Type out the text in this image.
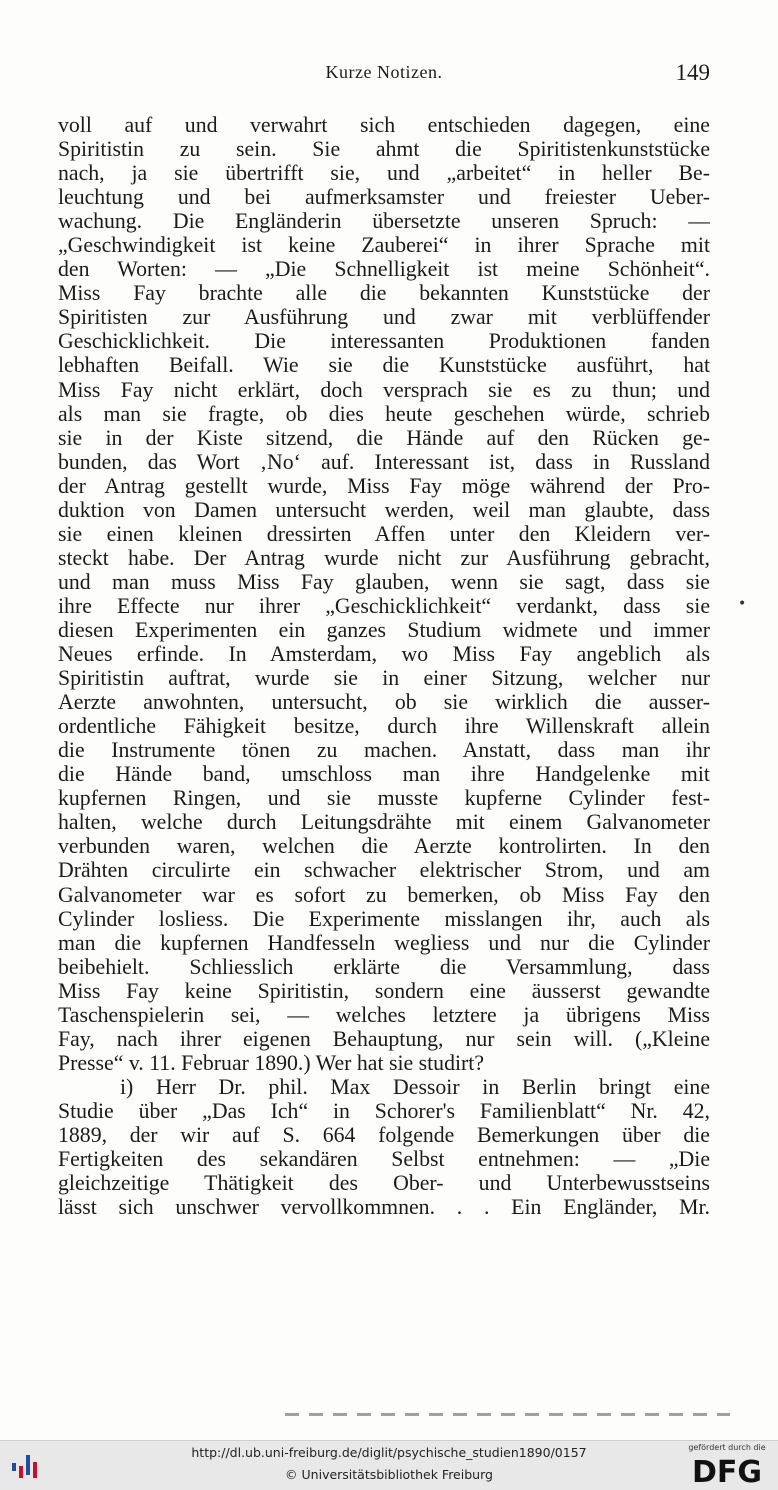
Kurze Notizen.	149
voll auf und verwahrt sich entschieden dagegen, eine
Spiritistin zu sein. Sie ahmt die Spiritistenkunststücke
nach, ja sie übertrifft sie, und „arbeitet“ in heller Be-
leuchtung und bei aufmerksamster und freiester Ueber-
wachung. Die Engländerin übersetzte unseren Spruch: —
„Geschwindigkeit ist keine Zauberei“ in ihrer Sprache mit
den Worten: — „Die Schnelligkeit ist meine Schönheit“.
Miss Fay brachte alle die bekannten Kunststücke der
Spiritisten zur Ausführung und zwar mit verblüffender
Geschicklichkeit. Die interessanten Produktionen fanden
lebhaften Beifall. Wie sie die Kunststücke ausführt, hat
Miss Fay nicht erklärt, doch versprach sie es zu thun; und
als man sie fragte, ob dies heute geschehen würde, schrieb
sie in der Kiste sitzend, die Hände auf den Rücken ge-
bunden, das Wort ‚No‘ auf. Interessant ist, dass in Russland
der Antrag gestellt wurde, Miss Fay möge während der Pro-
duktion von Damen untersucht werden, weil man glaubte, dass
sie einen kleinen dressirten Affen unter den Kleidern ver-
steckt habe. Der Antrag wurde nicht zur Ausführung gebracht,
und man muss Miss Fay glauben, wenn sie sagt, dass sie
ihre Effecte nur ihrer „Geschicklichkeit“ verdankt, dass sie
diesen Experimenten ein ganzes Studium widmete und immer
Neues erfinde. In Amsterdam, wo Miss Fay angeblich als
Spiritistin auftrat, wurde sie in einer Sitzung, welcher nur
Aerzte anwohnten, untersucht, ob sie wirklich die ausser-
ordentliche Fähigkeit besitze, durch ihre Willenskraft allein
die Instrumente tönen zu machen. Anstatt, dass man ihr
die Hände band, umschloss man ihre Handgelenke mit
kupfernen Ringen, und sie musste kupferne Cylinder fest-
halten, welche durch Leitungsdrähte mit einem Galvanometer
verbunden waren, welchen die Aerzte kontrolirten. In den
Drähten circulirte ein schwacher elektrischer Strom, und am
Galvanometer war es sofort zu bemerken, ob Miss Fay den
Cylinder losliess. Die Experimente misslangen ihr, auch als
man die kupfernen Handfesseln wegliess und nur die Cylinder
beibehielt. Schliesslich erklärte die Versammlung, dass
Miss Fay keine Spiritistin, sondern eine äusserst gewandte
Taschenspielerin sei, — welches letztere ja übrigens Miss
Fay, nach ihrer eigenen Behauptung, nur sein will. („Kleine
Presse“ v. 11. Februar 1890.) Wer hat sie studirt?
i) Herr Dr. phil. Max Dessoir in Berlin bringt eine
Studie über „Das Ich“ in Schorer's Familienblatt“ Nr. 42,
1889, der wir auf S. 664 folgende Bemerkungen über die
Fertigkeiten des sekandären Selbst entnehmen: — „Die
gleichzeitige Thätigkeit des Ober- und Unterbewusstseins
lässt sich unschwer vervollkommnen. . . Ein Engländer, Mr.
•
http://dl.ub.uni-freiburg.de/diglit/psychische_studien1890/0157
© Universitätsbibliothek Freiburg
gefördert durch die
DFG
